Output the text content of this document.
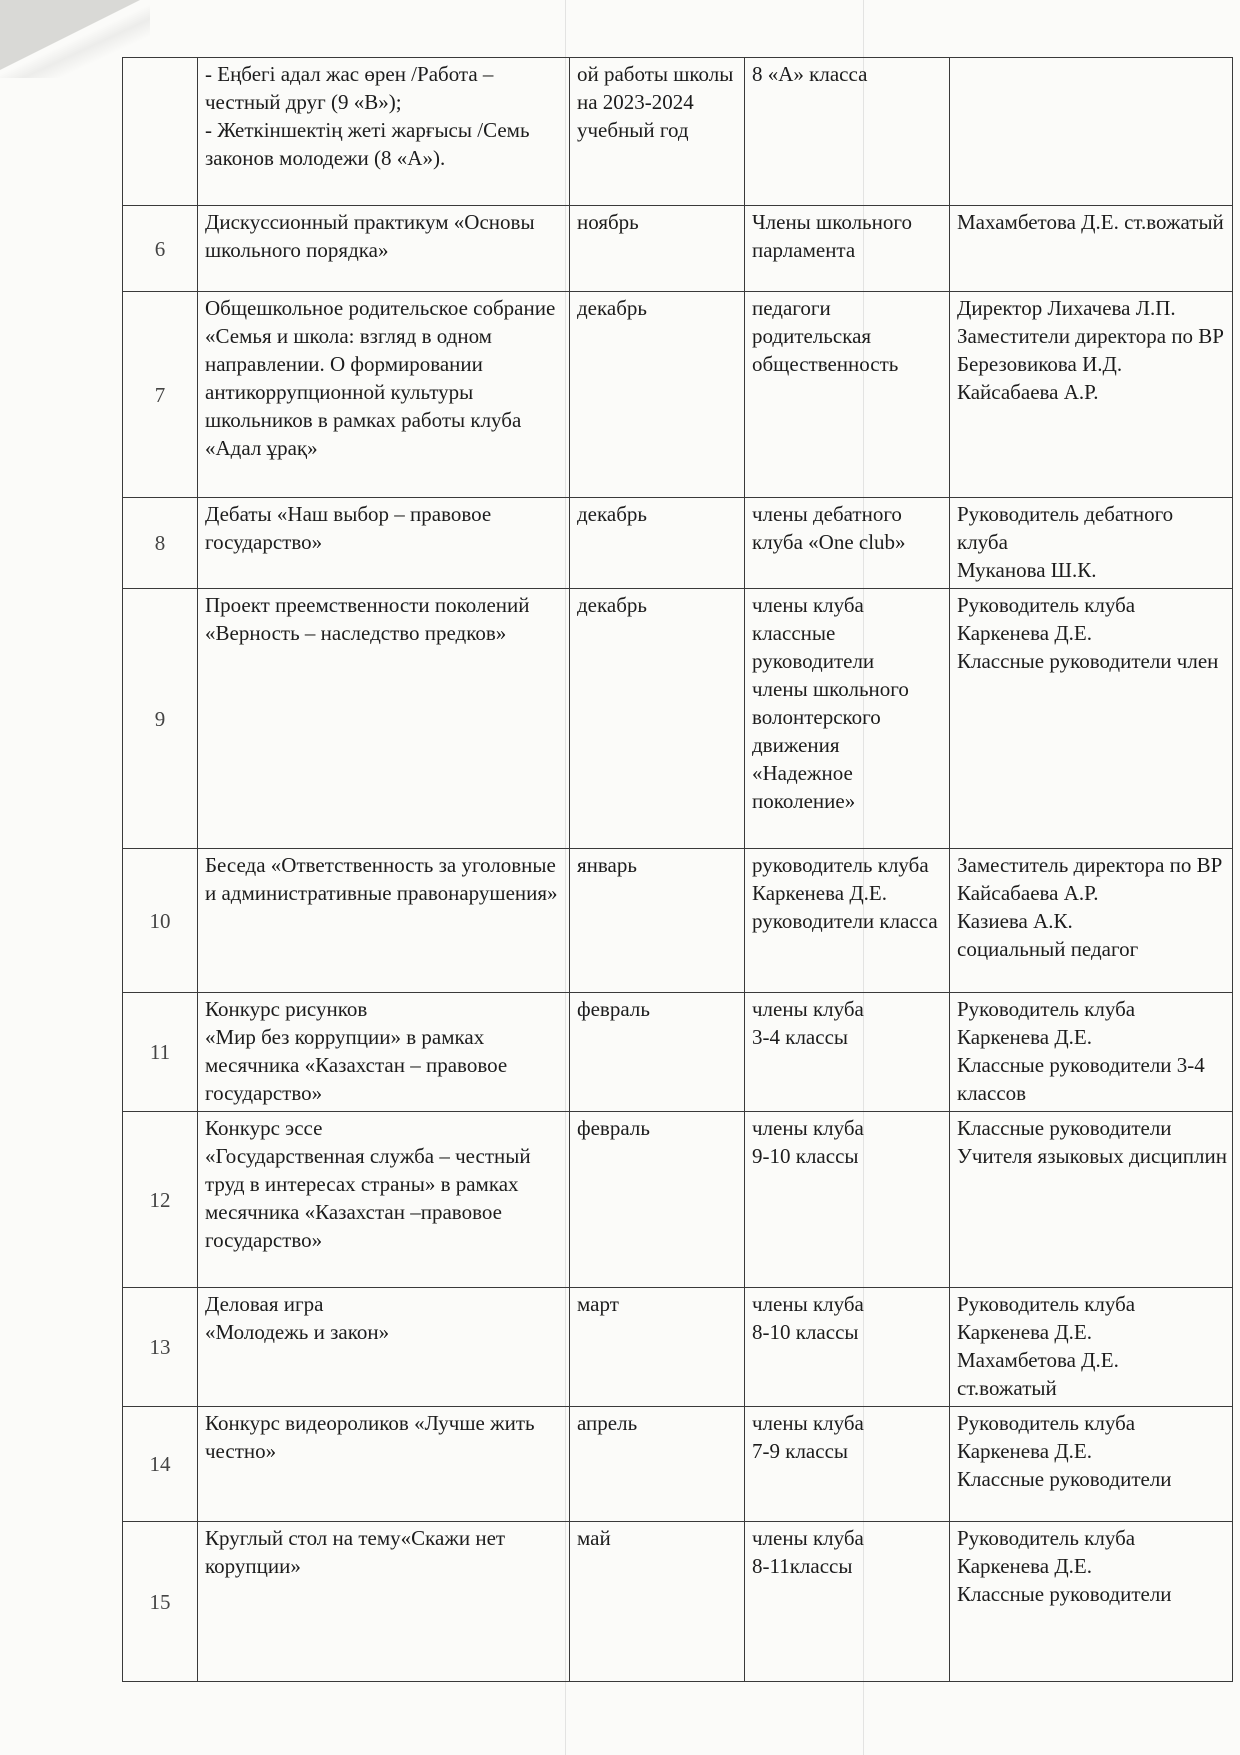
	- Еңбегі адал жас өрен /Работа – честный друг (9 «В»);
- Жеткіншектің жеті жарғысы /Семь законов молодежи (8 «А»).	ой работы школы на 2023-2024 учебный год	8 «А» класса	
6	Дискуссионный практикум «Основы школьного порядка»	ноябрь	Члены школьного парламента	Махамбетова Д.Е. ст.вожатый
7	Общешкольное родительское собрание «Семья и школа: взгляд в одном направлении. О формировании антикоррупционной культуры школьников в рамках работы клуба «Адал ұрақ»	декабрь	педагоги родительская общественность	Директор Лихачева Л.П.
Заместители директора по ВР
Березовикова И.Д.
Кайсабаева А.Р.
8	Дебаты «Наш выбор – правовое государство»	декабрь	члены дебатного клуба «One club»	Руководитель дебатного клуба
Муканова Ш.К.
9	Проект преемственности поколений «Верность – наследство предков»	декабрь	члены клуба
классные руководители
члены школьного волонтерского движения «Надежное поколение»	Руководитель клуба Каркенева Д.Е.
Классные руководители член
10	Беседа «Ответственность за уголовные и административные правонарушения»	январь	руководитель клуба
Каркенева Д.Е.
руководители класса	Заместитель директора по ВР
Кайсабаева А.Р.
Казиева А.К.
социальный педагог
11	Конкурс рисунков
«Мир без коррупции» в рамках месячника «Казахстан – правовое государство»	февраль	члены клуба
3-4 классы	Руководитель клуба Каркенева Д.Е.
Классные руководители 3-4 классов
12	Конкурс эссе
«Государственная служба – честный труд в интересах страны» в рамках месячника «Казахстан –правовое государство»	февраль	члены клуба
9-10 классы	Классные руководители
Учителя языковых дисциплин
13	Деловая игра
«Молодежь и закон»	март	члены клуба
8-10 классы	Руководитель клуба Каркенева Д.Е.
Махамбетова Д.Е.
ст.вожатый
14	Конкурс видеороликов «Лучше жить честно»	апрель	члены клуба
7-9 классы	Руководитель клуба Каркенева Д.Е.
Классные руководители
15	Круглый стол на тему«Скажи нет корупции»	май	члены клуба
8-11классы	Руководитель клуба Каркенева Д.Е.
Классные руководители
